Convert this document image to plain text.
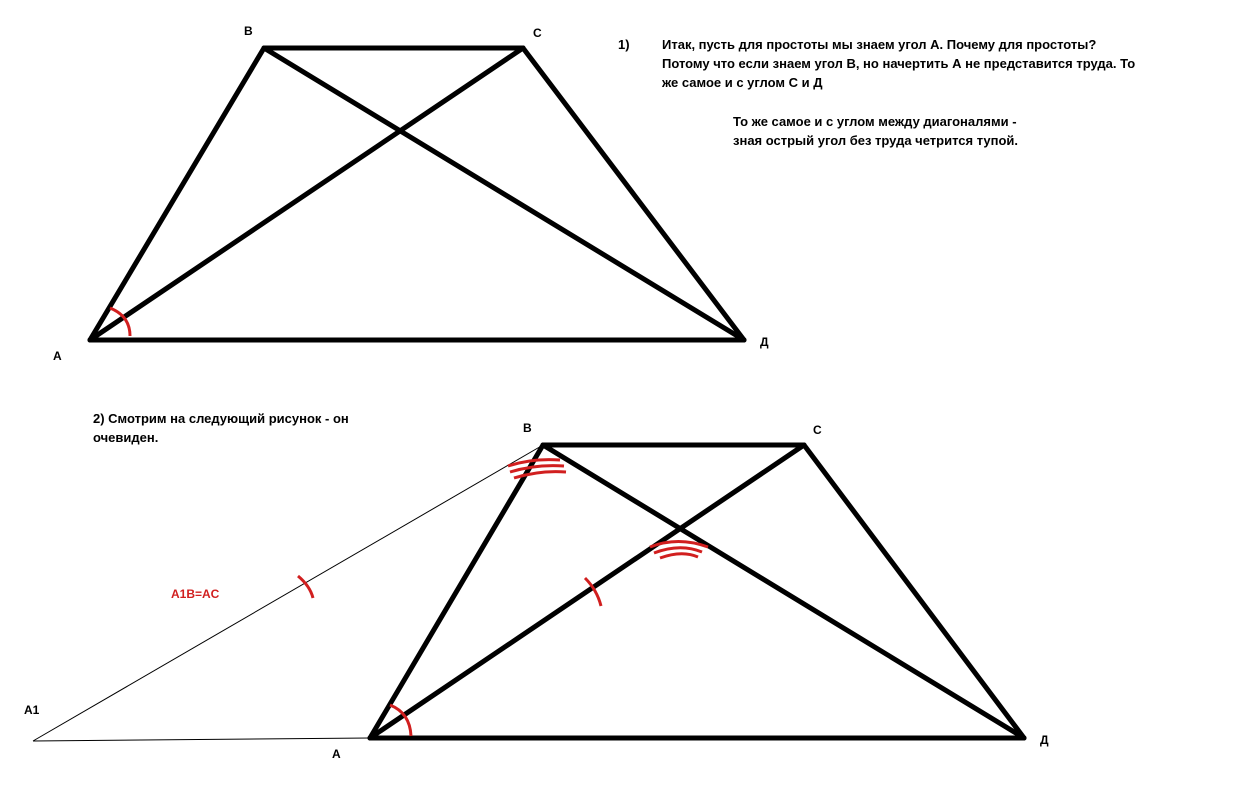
B	C
A
Д
1) Итак, пусть для простоты мы знаем угол А. Почему для простоты?
Потому что если знаем угол В, но начертить А не представится труда. То
же самое и с углом С и Д
То же самое и с углом между диагоналями -
зная острый угол без труда четрится тупой.
2) Смотрим на следующий рисунок - он
очевиден.
B	C
A
Д
A1
A1B=AC
